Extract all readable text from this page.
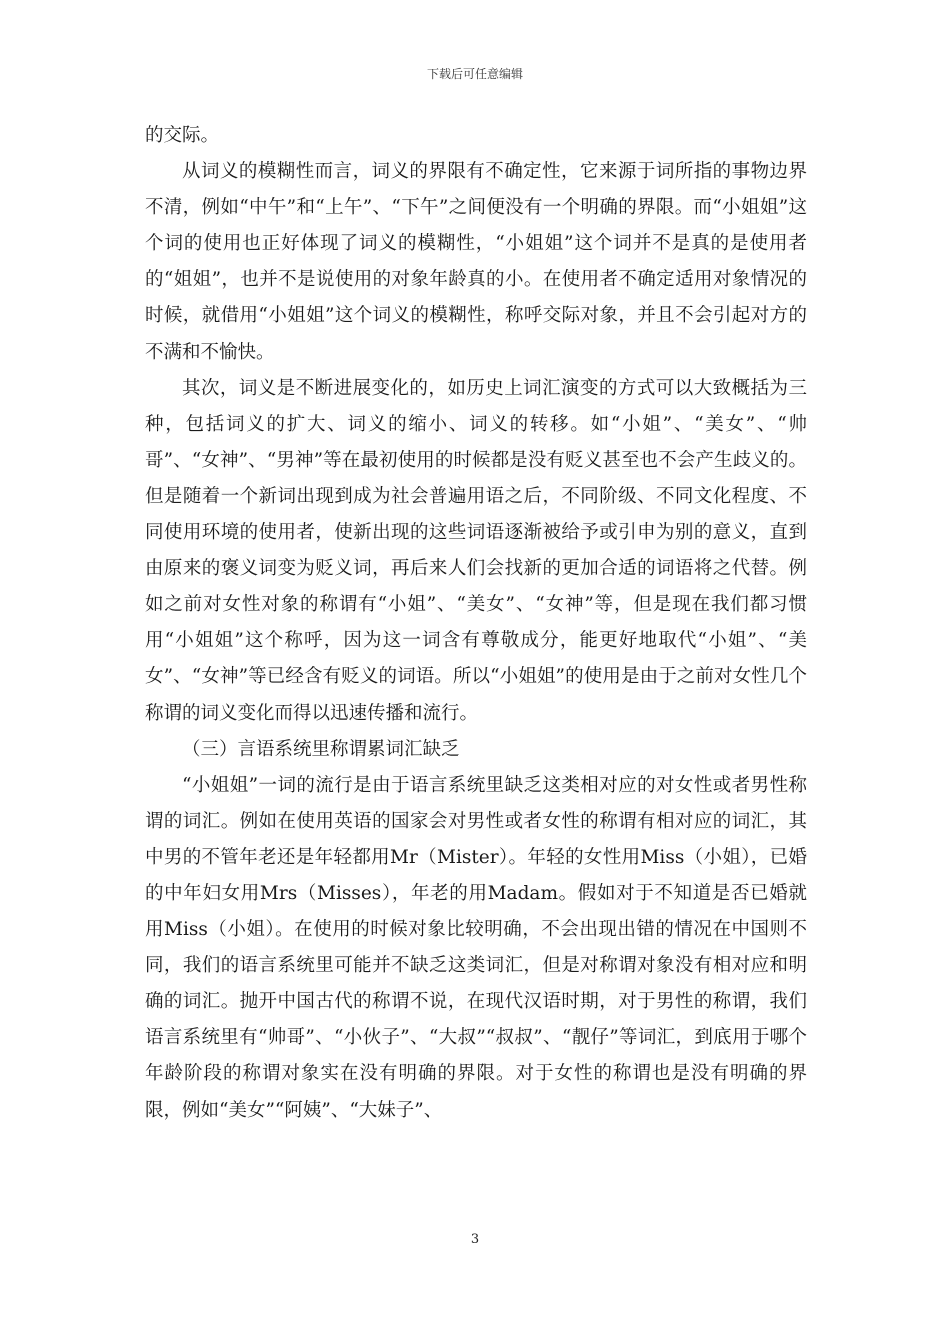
下载后可任意编辑

的交际。

从词义的模糊性而言，词义的界限有不确定性，它来源于词所指的事物边界不清，例如“中午”和“上午”、“下午”之间便没有一个明确的界限。而“小姐姐”这个词的使用也正好体现了词义的模糊性，“小姐姐”这个词并不是真的是使用者的“姐姐”，也并不是说使用的对象年龄真的小。在使用者不确定适用对象情况的时候，就借用“小姐姐”这个词义的模糊性，称呼交际对象，并且不会引起对方的不满和不愉快。

其次，词义是不断进展变化的，如历史上词汇演变的方式可以大致概括为三种，包括词义的扩大、词义的缩小、词义的转移。如“小姐”、“美女”、“帅哥”、“女神”、“男神”等在最初使用的时候都是没有贬义甚至也不会产生歧义的。但是随着一个新词出现到成为社会普遍用语之后，不同阶级、不同文化程度、不同使用环境的使用者，使新出现的这些词语逐渐被给予或引申为别的意义，直到由原来的褒义词变为贬义词，再后来人们会找新的更加合适的词语将之代替。例如之前对女性对象的称谓有“小姐”、“美女”、“女神”等，但是现在我们都习惯用“小姐姐”这个称呼，因为这一词含有尊敬成分，能更好地取代“小姐”、“美女”、“女神”等已经含有贬义的词语。所以“小姐姐”的使用是由于之前对女性几个称谓的词义变化而得以迅速传播和流行。

（三）言语系统里称谓累词汇缺乏

“小姐姐”一词的流行是由于语言系统里缺乏这类相对应的对女性或者男性称谓的词汇。例如在使用英语的国家会对男性或者女性的称谓有相对应的词汇，其中男的不管年老还是年轻都用Mr（Mister）。年轻的女性用Miss（小姐），已婚的中年妇女用Mrs（Misses），年老的用Madam。假如对于不知道是否已婚就用Miss（小姐）。在使用的时候对象比较明确，不会出现出错的情况在中国则不同，我们的语言系统里可能并不缺乏这类词汇，但是对称谓对象没有相对应和明确的词汇。抛开中国古代的称谓不说，在现代汉语时期，对于男性的称谓，我们语言系统里有“帅哥”、“小伙子”、“大叔”“叔叔”、“靓仔”等词汇，到底用于哪个年龄阶段的称谓对象实在没有明确的界限。对于女性的称谓也是没有明确的界限，例如“美女”“阿姨”、“大妹子”、

3
